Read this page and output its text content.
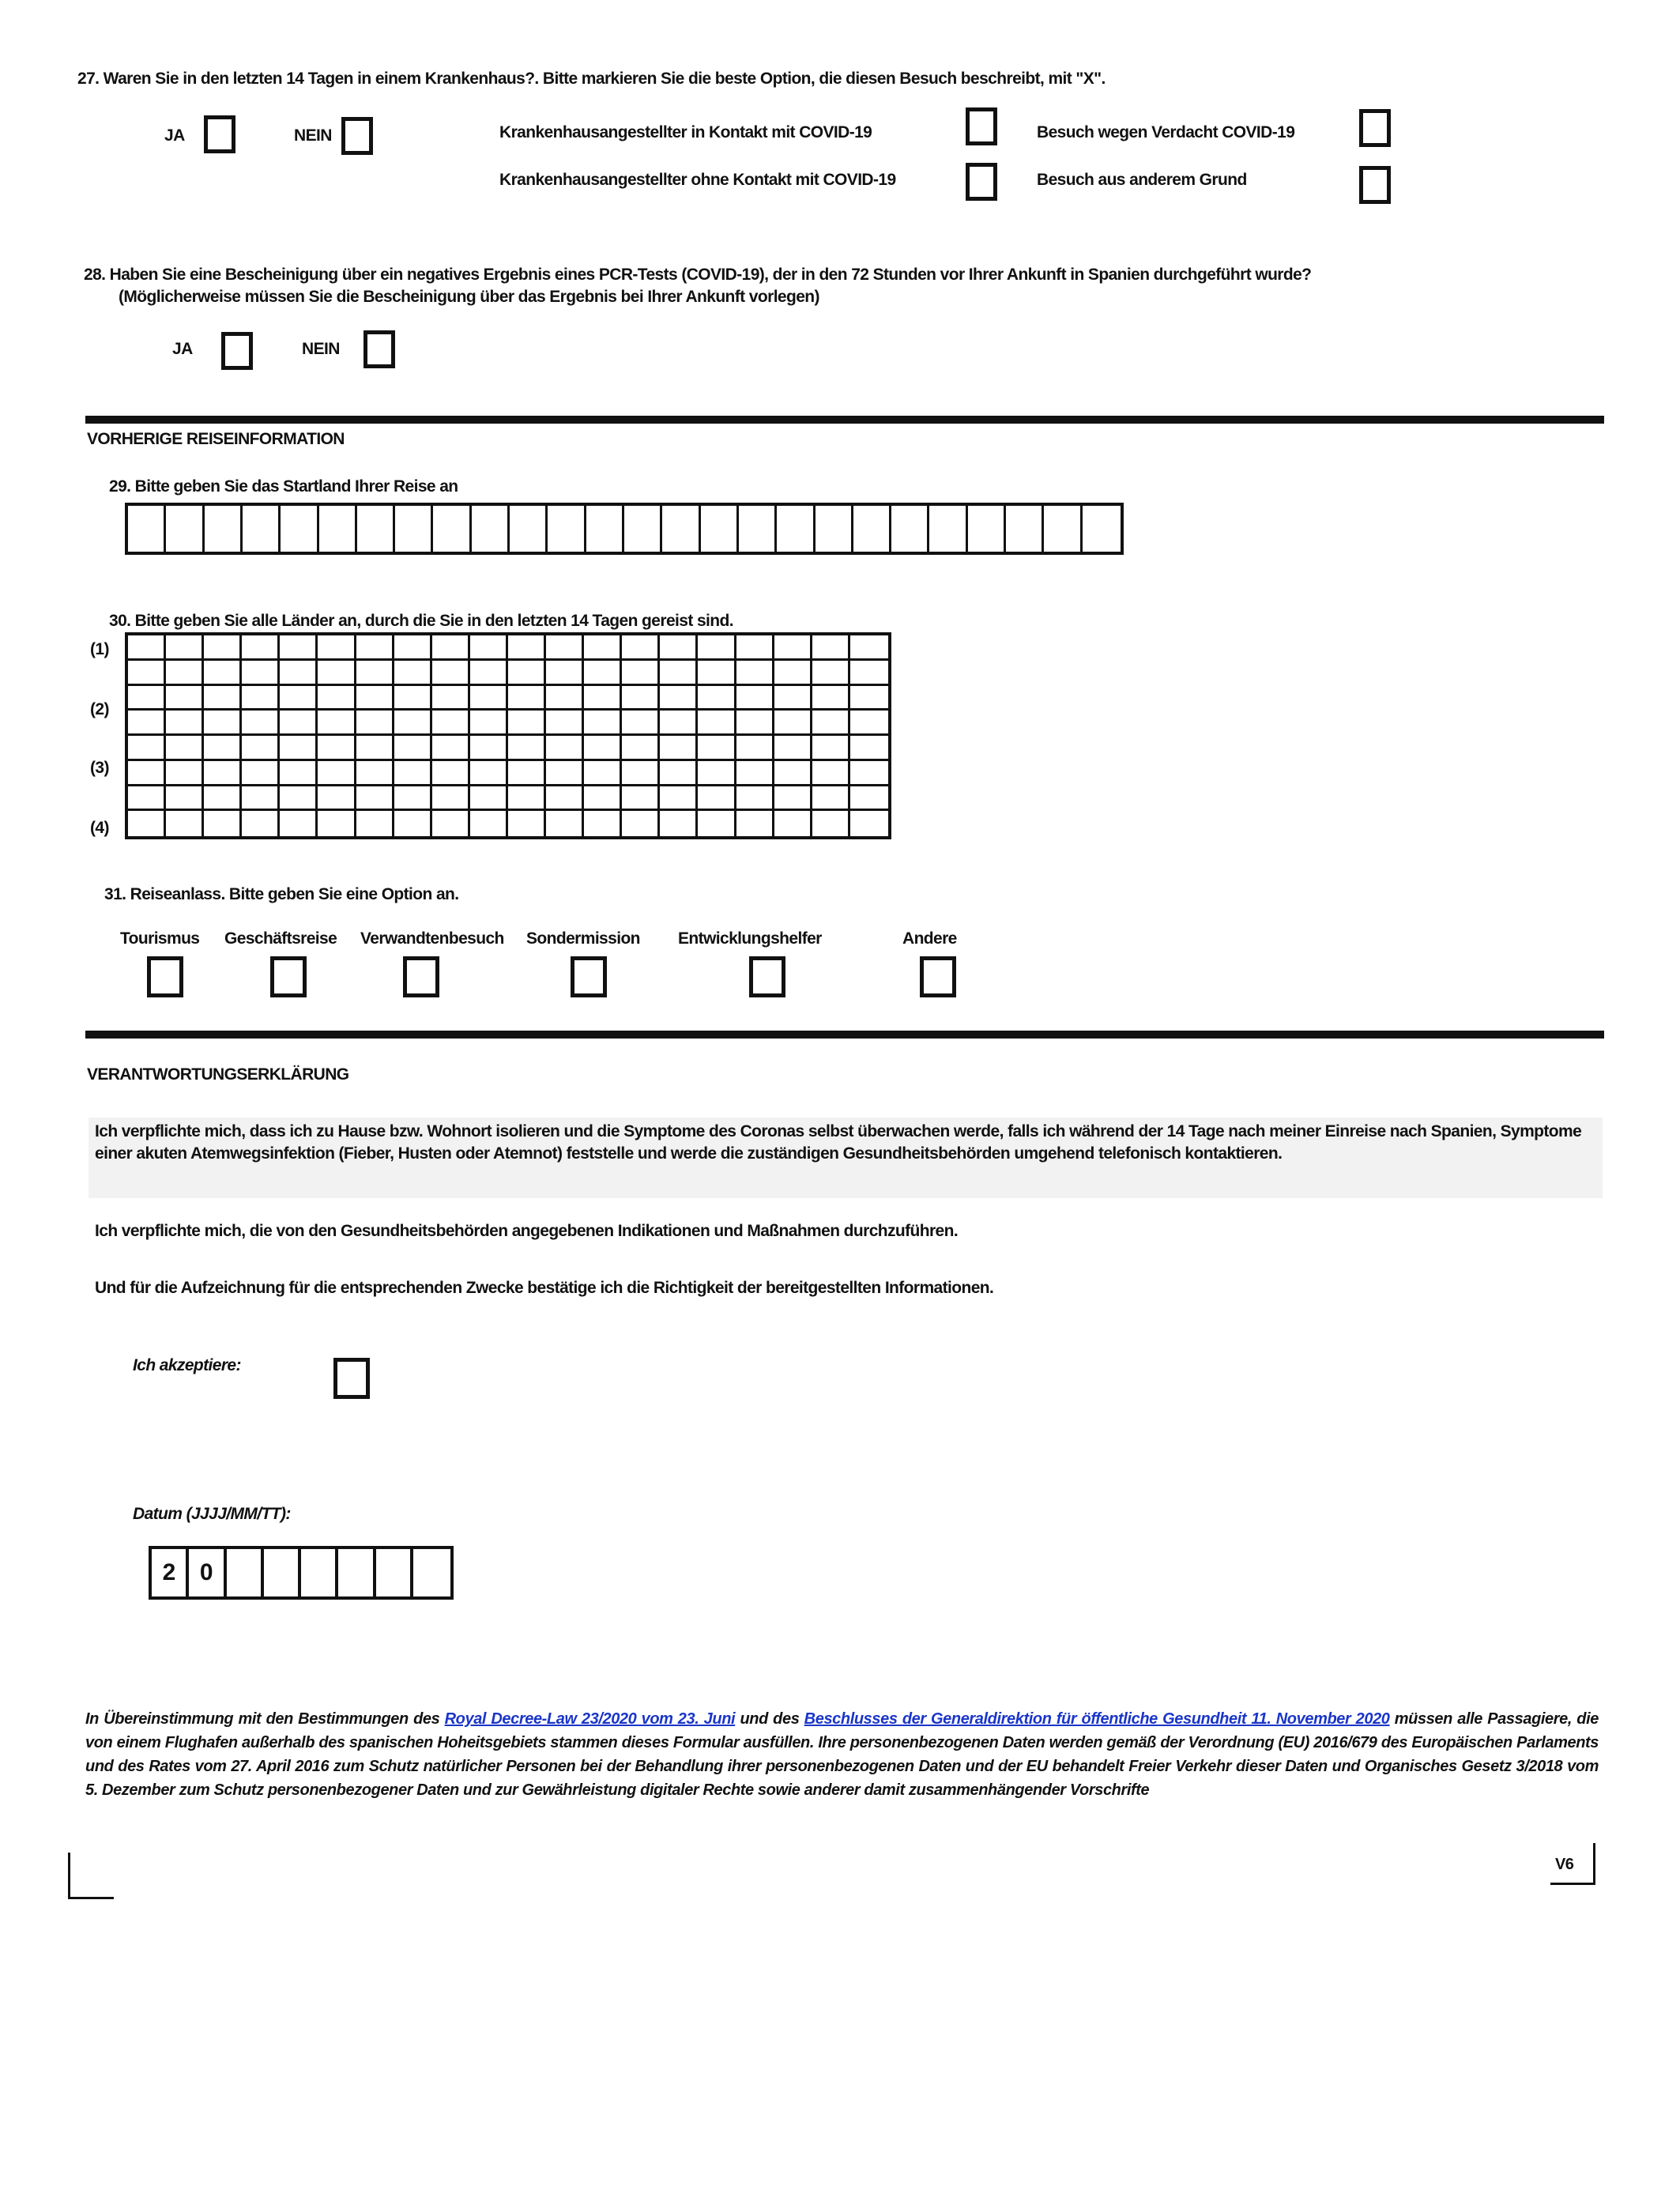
27. Waren Sie in den letzten 14 Tagen in einem Krankenhaus?. Bitte markieren Sie die beste Option, die diesen Besuch beschreibt, mit "X".
JA	NEIN	Krankenhausangestellter in Kontakt mit COVID-19
Krankenhausangestellter ohne Kontakt mit COVID-19
Besuch wegen Verdacht COVID-19
Besuch aus anderem Grund
28. Haben Sie eine Bescheinigung über ein negatives Ergebnis eines PCR-Tests (COVID-19), der in den 72 Stunden vor Ihrer Ankunft in Spanien durchgeführt wurde?
(Möglicherweise müssen Sie die Bescheinigung über das Ergebnis bei Ihrer Ankunft vorlegen)
JA	NEIN
VORHERIGE REISEINFORMATION
29. Bitte geben Sie das Startland Ihrer Reise an
30. Bitte geben Sie alle Länder an, durch die Sie in den letzten 14 Tagen gereist sind.
(1)
(2)
(3)
(4)
31. Reiseanlass. Bitte geben Sie eine Option an.
Tourismus Geschäftsreise Verwandtenbesuch Sondermission Entwicklungshelfer	Andere
VERANTWORTUNGSERKLÄRUNG
Ich verpflichte mich, dass ich zu Hause bzw. Wohnort isolieren und die Symptome des Coronas selbst überwachen werde, falls ich während der 14 Tage nach meiner Einreise nach Spanien, Symptome einer akuten Atemwegsinfektion (Fieber, Husten oder Atemnot) feststelle und werde die zuständigen Gesundheitsbehörden umgehend telefonisch kontaktieren.
Ich verpflichte mich, die von den Gesundheitsbehörden angegebenen Indikationen und Maßnahmen durchzuführen.
Und für die Aufzeichnung für die entsprechenden Zwecke bestätige ich die Richtigkeit der bereitgestellten Informationen.
Ich akzeptiere:
Datum (JJJJ/MM/TT):
2	0
In Übereinstimmung mit den Bestimmungen des Royal Decree-Law 23/2020 vom 23. Juni und des Beschlusses der Generaldirektion für öffentliche Gesundheit 11. November 2020 müssen alle Passagiere, die von einem Flughafen außerhalb des spanischen Hoheitsgebiets stammen dieses Formular ausfüllen. Ihre personenbezogenen Daten werden gemäß der Verordnung (EU) 2016/679 des Europäischen Parlaments und des Rates vom 27. April 2016 zum Schutz natürlicher Personen bei der Behandlung ihrer personenbezogenen Daten und der EU behandelt Freier Verkehr dieser Daten und Organisches Gesetz 3/2018 vom 5. Dezember zum Schutz personenbezogener Daten und zur Gewährleistung digitaler Rechte sowie anderer damit zusammenhängender Vorschrifte
V6
